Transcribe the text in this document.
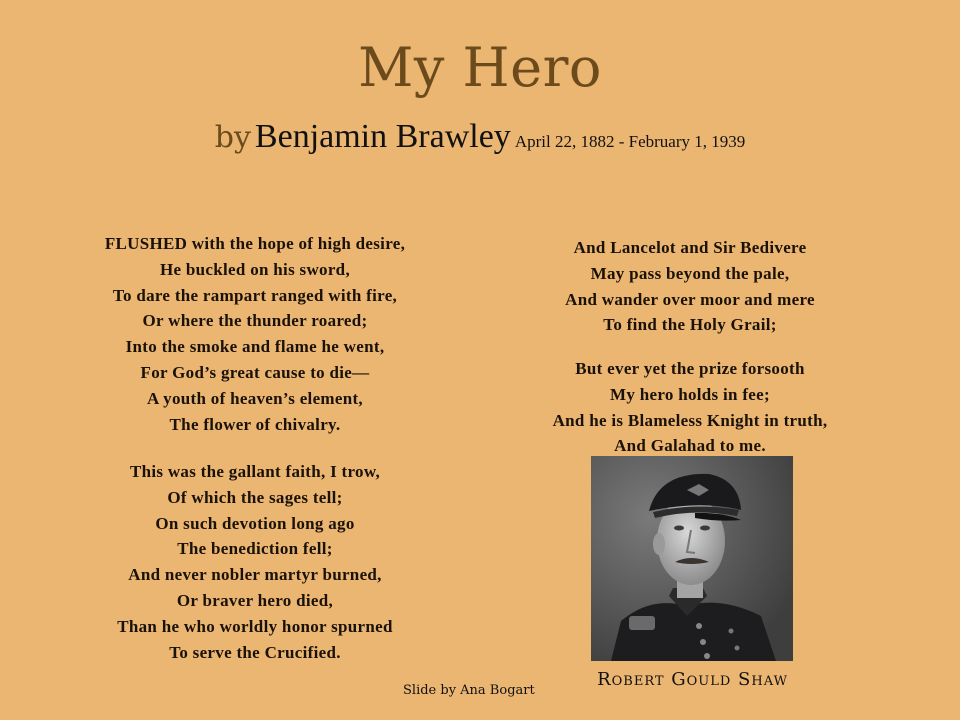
My Hero
by Benjamin Brawley April 22, 1882 - February 1, 1939
FLUSHED with the hope of high desire,
He buckled on his sword,
To dare the rampart ranged with fire,
Or where the thunder roared;
Into the smoke and flame he went,
For God’s great cause to die—
A youth of heaven’s element,
The flower of chivalry.
This was the gallant faith, I trow,
Of which the sages tell;
On such devotion long ago
The benediction fell;
And never nobler martyr burned,
Or braver hero died,
Than he who worldly honor spurned
To serve the Crucified.
And Lancelot and Sir Bedivere
May pass beyond the pale,
And wander over moor and mere
To find the Holy Grail;
But ever yet the prize forsooth
My hero holds in fee;
And he is Blameless Knight in truth,
And Galahad to me.
Robert Gould Shaw
Slide by Ana Bogart
